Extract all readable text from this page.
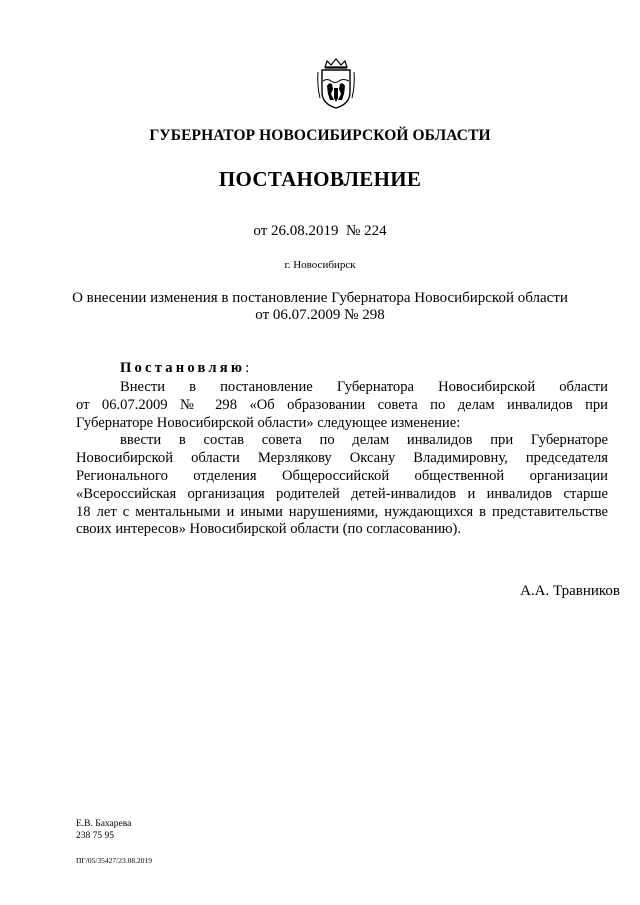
ГУБЕРНАТОР НОВОСИБИРСКОЙ ОБЛАСТИ
ПОСТАНОВЛЕНИЕ
от 26.08.2019  № 224
г. Новосибирск
О внесении изменения в постановление Губернатора Новосибирской области
от 06.07.2009 № 298
Постановляю:
Внести в постановление Губернатора Новосибирской области
от 06.07.2009 № 298 «Об образовании совета по делам инвалидов при
Губернаторе Новосибирской области» следующее изменение:
ввести в состав совета по делам инвалидов при Губернаторе
Новосибирской области Мерзлякову Оксану Владимировну, председателя
Регионального отделения Общероссийской общественной организации
«Всероссийская организация родителей детей-инвалидов и инвалидов старше
18 лет с ментальными и иными нарушениями, нуждающихся в представительстве
своих интересов» Новосибирской области (по согласованию).
А.А. Травников
Е.В. Бахарева
238 75 95
ПГ/05/35427/23.08.2019
